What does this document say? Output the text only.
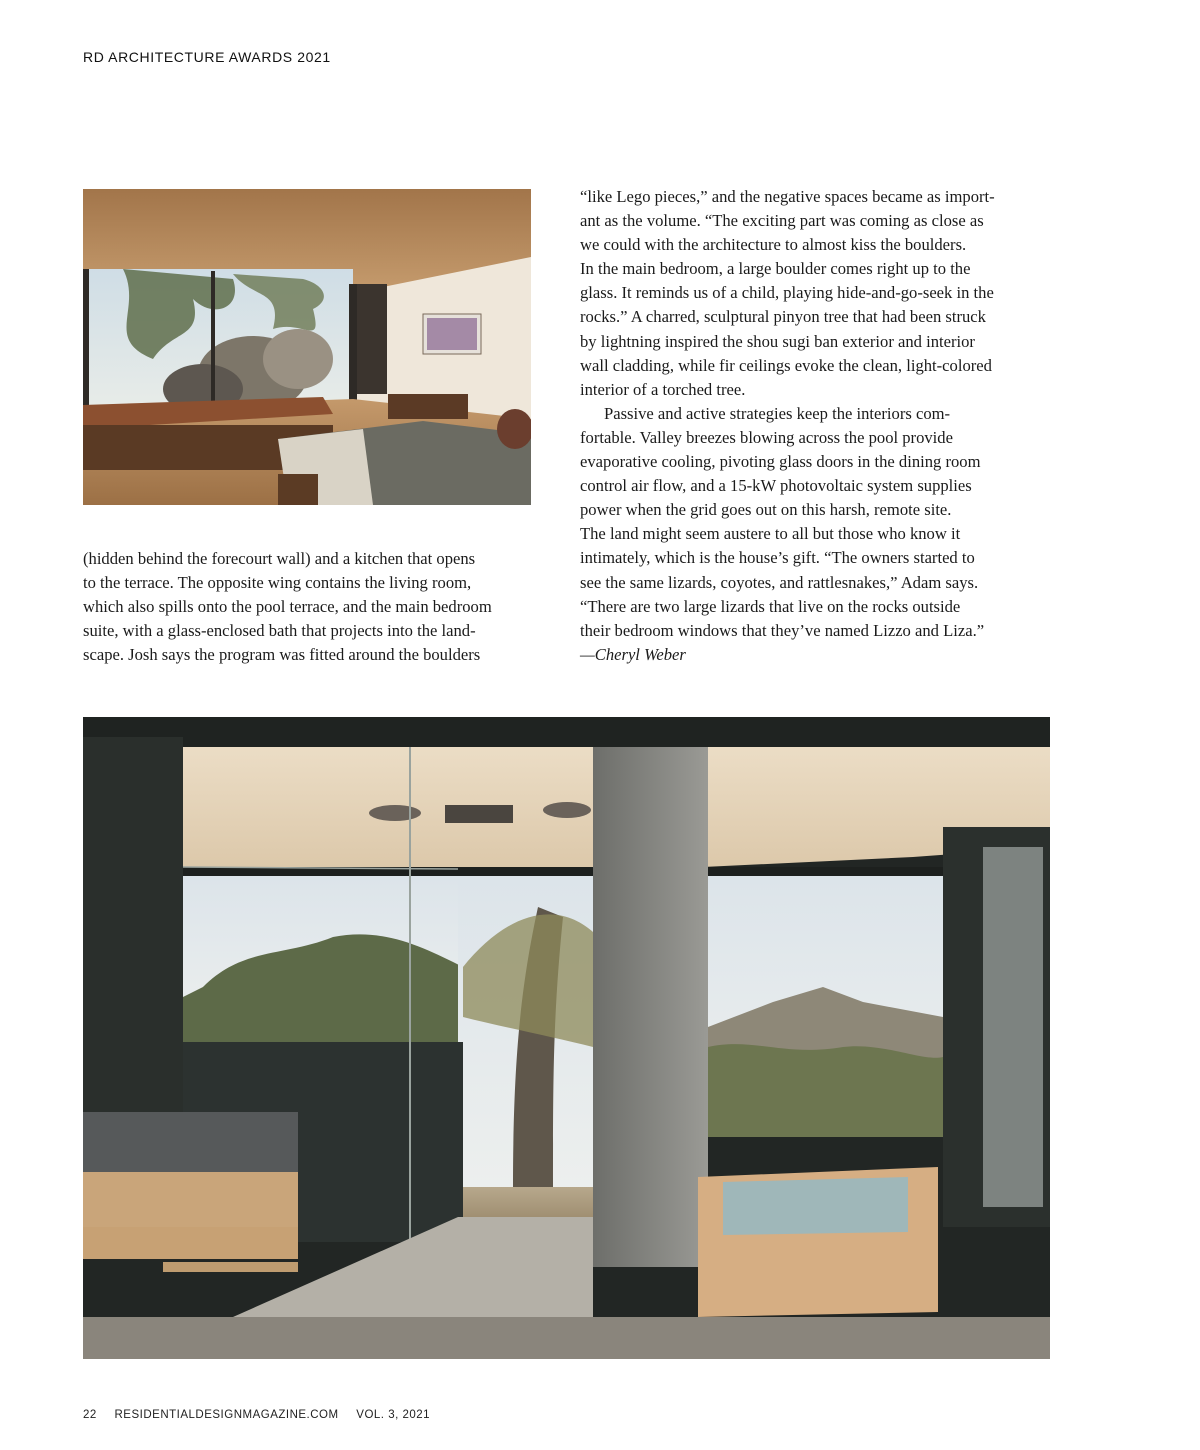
RD ARCHITECTURE AWARDS 2021

(hidden behind the forecourt wall) and a kitchen that opens
to the terrace. The opposite wing contains the living room,
which also spills onto the pool terrace, and the main bedroom
suite, with a glass-enclosed bath that projects into the land-
scape. Josh says the program was fitted around the boulders

“like Lego pieces,” and the negative spaces became as import-
ant as the volume. “The exciting part was coming as close as
we could with the architecture to almost kiss the boulders.
In the main bedroom, a large boulder comes right up to the
glass. It reminds us of a child, playing hide-and-go-seek in the
rocks.” A charred, sculptural pinyon tree that had been struck
by lightning inspired the shou sugi ban exterior and interior
wall cladding, while fir ceilings evoke the clean, light-colored
interior of a torched tree.

Passive and active strategies keep the interiors com-
fortable. Valley breezes blowing across the pool provide
evaporative cooling, pivoting glass doors in the dining room
control air flow, and a 15-kW photovoltaic system supplies
power when the grid goes out on this harsh, remote site.
The land might seem austere to all but those who know it
intimately, which is the house’s gift. “The owners started to
see the same lizards, coyotes, and rattlesnakes,” Adam says.
“There are two large lizards that live on the rocks outside
their bedroom windows that they’ve named Lizzo and Liza.”
—Cheryl Weber

22 RESIDENTIALDESIGNMAGAZINE.COM VOL. 3, 2021
